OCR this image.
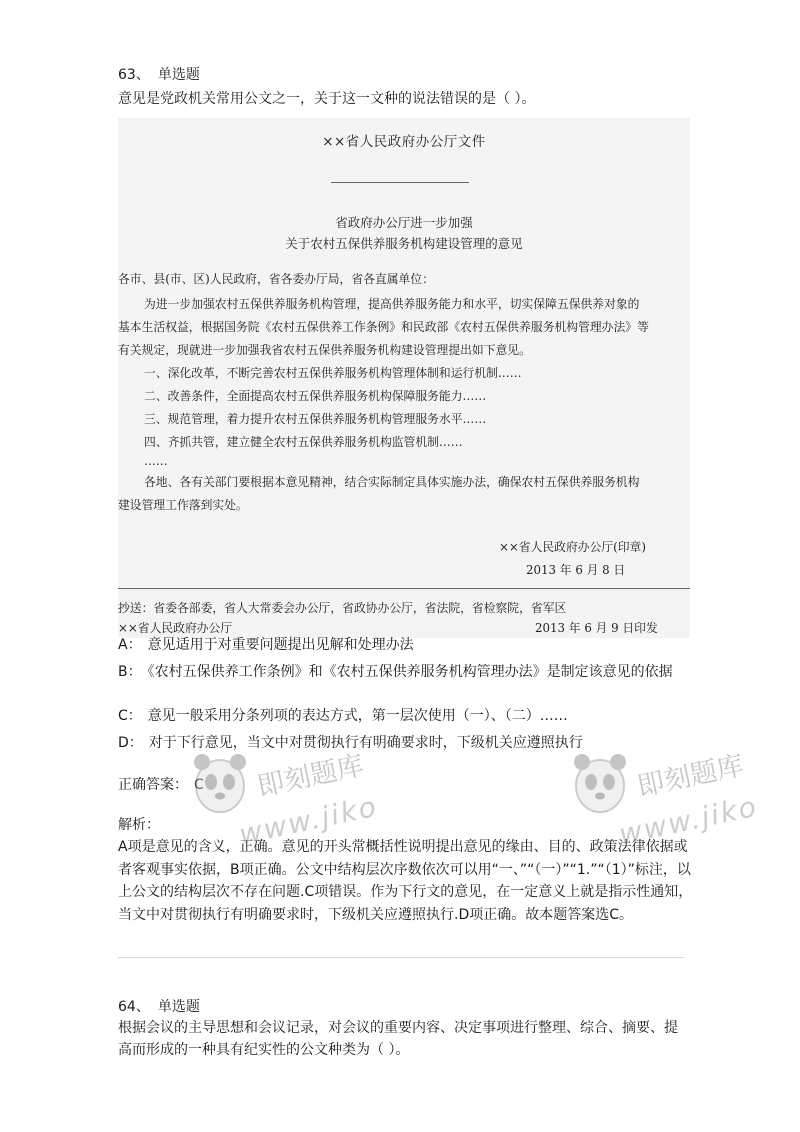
63、 单选题
意见是党政机关常用公文之一，关于这一文种的说法错误的是（ ）。
××省人民政府办公厅文件
省政府办公厅进一步加强
关于农村五保供养服务机构建设管理的意见
各市、县(市、区)人民政府，省各委办厅局，省各直属单位：
为进一步加强农村五保供养服务机构管理，提高供养服务能力和水平，切实保障五保供养对象的
基本生活权益，根据国务院《农村五保供养工作条例》和民政部《农村五保供养服务机构管理办法》等
有关规定，现就进一步加强我省农村五保供养服务机构建设管理提出如下意见。
一、深化改革，不断完善农村五保供养服务机构管理体制和运行机制……
二、改善条件，全面提高农村五保供养服务机构保障服务能力……
三、规范管理，着力提升农村五保供养服务机构管理服务水平……
四、齐抓共管，建立健全农村五保供养服务机构监管机制……
……
各地、各有关部门要根据本意见精神，结合实际制定具体实施办法，确保农村五保供养服务机构
建设管理工作落到实处。
××省人民政府办公厅(印章)
2013 年 6 月 8 日
抄送：省委各部委，省人大常委会办公厅，省政协办公厅，省法院，省检察院，省军区
××省人民政府办公厅	2013 年 6 月 9 日印发
A： 意见适用于对重要问题提出见解和处理办法
B： 《农村五保供养工作条例》和《农村五保供养服务机构管理办法》是制定该意见的依据
C： 意见一般采用分条列项的表达方式，第一层次使用（一）、（二）……
D： 对于下行意见，当文中对贯彻执行有明确要求时，下级机关应遵照执行
正确答案： C
解析：
A项是意见的含义，正确。意见的开头常概括性说明提出意见的缘由、目的、政策法律依据或者客观事实依据，B项正确。公文中结构层次序数依次可以用“一、”“（一）”“1.”“（1）”标注，以上公文的结构层次不存在问题.C项错误。作为下行文的意见，在一定意义上就是指示性通知，当文中对贯彻执行有明确要求时，下级机关应遵照执行.D项正确。故本题答案选C。
即刻题库
www.jiko
即刻题库
www.jiko
64、 单选题
根据会议的主导思想和会议记录，对会议的重要内容、决定事项进行整理、综合、摘要、提高而形成的一种具有纪实性的公文种类为（ ）。
